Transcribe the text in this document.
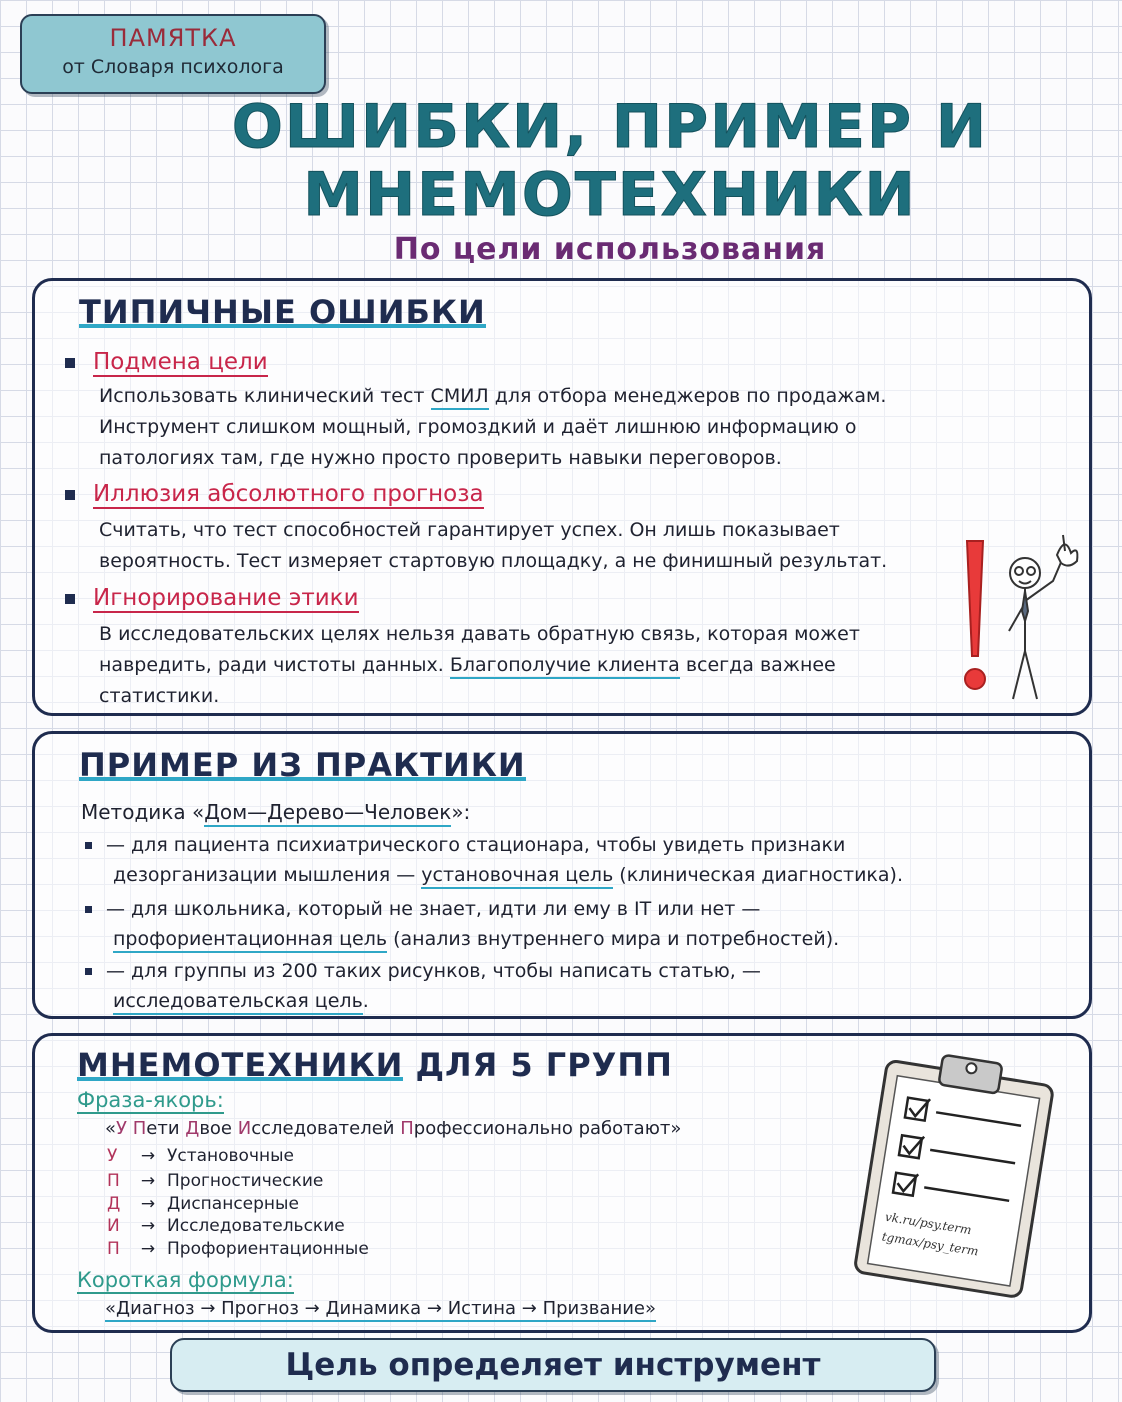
ПАМЯТКА
от Словаря психолога
ОШИБКИ, ПРИМЕР И
МНЕМОТЕХНИКИ
По цели использования
ТИПИЧНЫЕ ОШИБКИ
Подмена цели
Использовать клинический тест СМИЛ для отбора менеджеров по продажам. Инструмент слишком мощный, громоздкий и даёт лишнюю информацию о патологиях там, где нужно просто проверить навыки переговоров.
Иллюзия абсолютного прогноза
Считать, что тест способностей гарантирует успех. Он лишь показывает вероятность. Тест измеряет стартовую площадку, а не финишный результат.
Игнорирование этики
В исследовательских целях нельзя давать обратную связь, которая может навредить, ради чистоты данных. Благополучие клиента всегда важнее статистики.
ПРИМЕР ИЗ ПРАКТИКИ
Методика «Дом—Дерево—Человек»:
— для пациента психиатрического стационара, чтобы увидеть признаки
дезорганизации мышления — установочная цель (клиническая диагностика).
— для школьника, который не знает, идти ли ему в IT или нет —
профориентационная цель (анализ внутреннего мира и потребностей).
— для группы из 200 таких рисунков, чтобы написать статью, —
исследовательская цель.
МНЕМОТЕХНИКИ ДЛЯ 5 ГРУПП
Фраза-якорь:
«У Пети Двое Исследователей Профессионально работают»
У → Установочные
П → Прогностические
Д → Диспансерные
И → Исследовательские
П → Профориентационные
Короткая формула:
«Диагноз → Прогноз → Динамика → Истина → Призвание»
vk.ru/psy.term
tgmax/psy_term
Цель определяет инструмент
